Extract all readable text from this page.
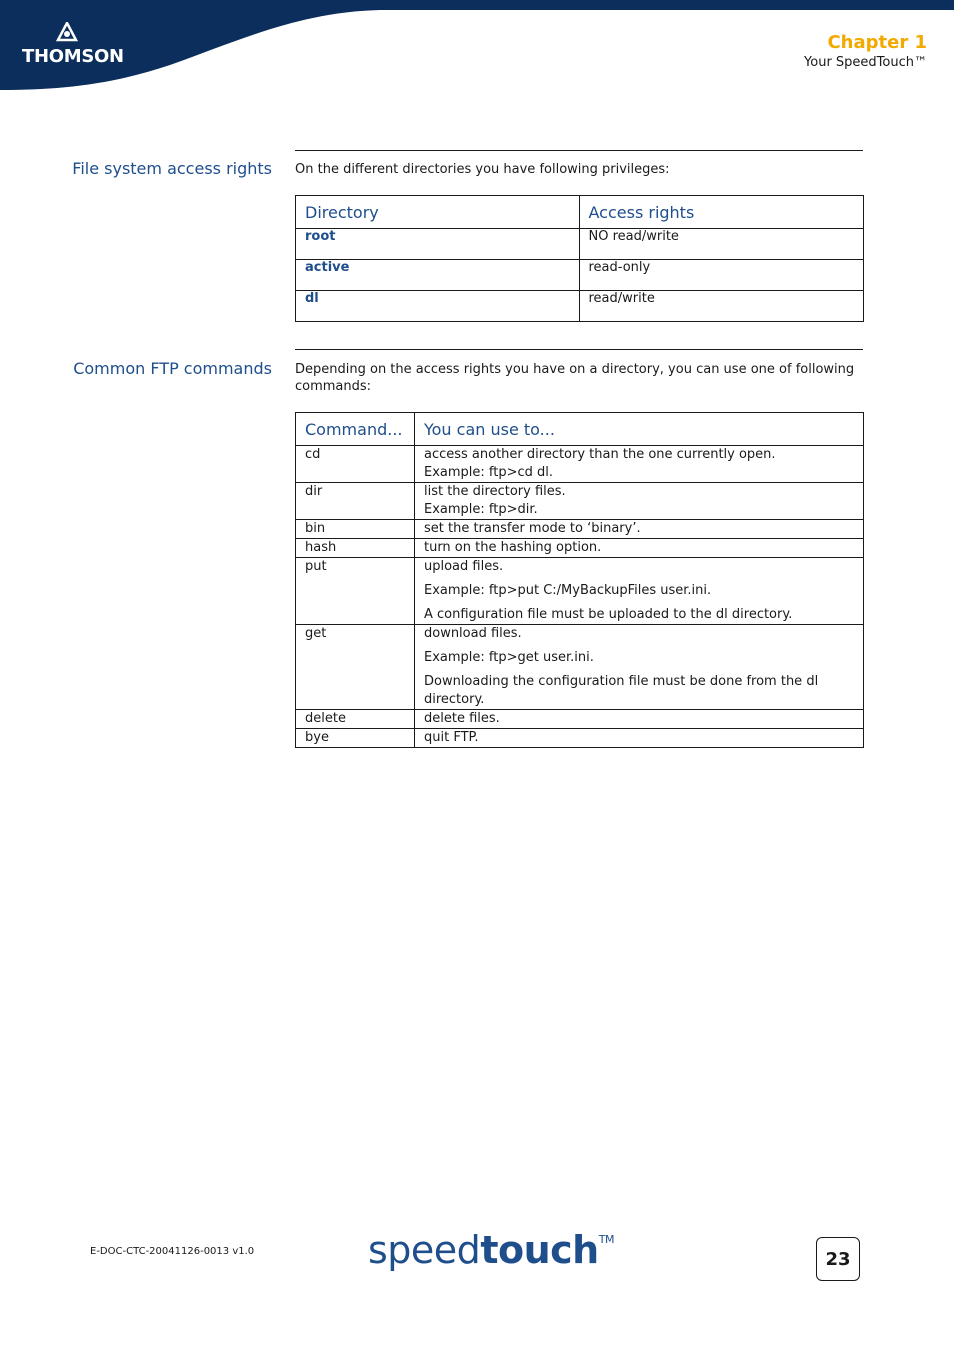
THOMSON
Chapter 1
Your SpeedTouch™
File system access rights On the different directories you have following privileges:
Directory	Access rights
root	NO read/write
active	read-only
dl	read/write
Common FTP commands Depending on the access rights you have on a directory, you can use one of following commands:
Command...	You can use to...
cd	access another directory than the one currently open.
Example: ftp>cd dl.

dir	list the directory files.
Example: ftp>dir.

bin	set the transfer mode to ‘binary’.

hash	turn on the hashing option.

put	upload files.

Example: ftp>put C:/MyBackupFiles user.ini.

A configuration file must be uploaded to the dl directory.

get	download files.

Example: ftp>get user.ini.

Downloading the configuration file must be done from the dl directory.

delete	delete files.

bye	quit FTP.

E-DOC-CTC-20041126-0013 v1.0	speedtouch™
23
